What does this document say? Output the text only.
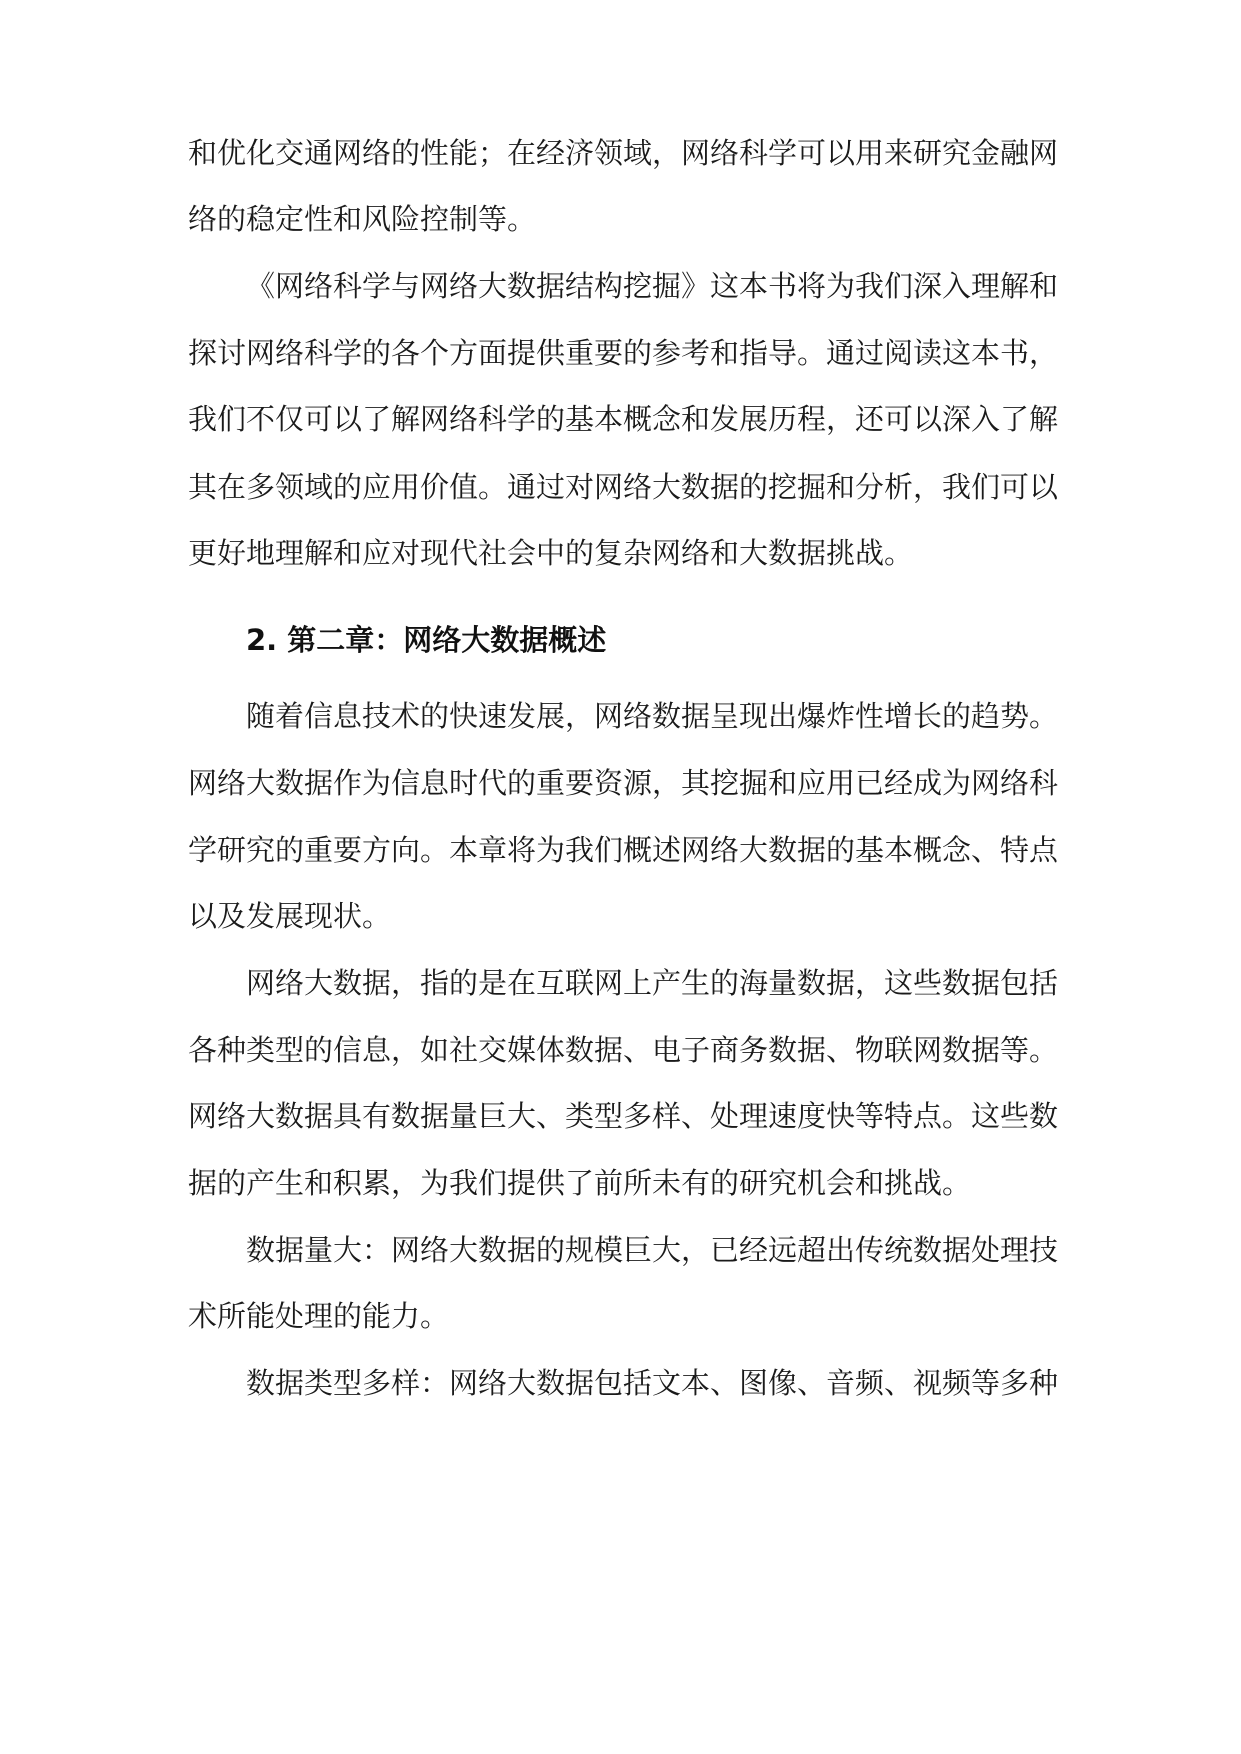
和优化交通网络的性能；在经济领域，网络科学可以用来研究金融网

络的稳定性和风险控制等。

《网络科学与网络大数据结构挖掘》这本书将为我们深入理解和

探讨网络科学的各个方面提供重要的参考和指导。通过阅读这本书，

我们不仅可以了解网络科学的基本概念和发展历程，还可以深入了解

其在多领域的应用价值。通过对网络大数据的挖掘和分析，我们可以

更好地理解和应对现代社会中的复杂网络和大数据挑战。

2. 第二章：网络大数据概述

随着信息技术的快速发展，网络数据呈现出爆炸性增长的趋势。

网络大数据作为信息时代的重要资源，其挖掘和应用已经成为网络科

学研究的重要方向。本章将为我们概述网络大数据的基本概念、特点

以及发展现状。

网络大数据，指的是在互联网上产生的海量数据，这些数据包括

各种类型的信息，如社交媒体数据、电子商务数据、物联网数据等。

网络大数据具有数据量巨大、类型多样、处理速度快等特点。这些数

据的产生和积累，为我们提供了前所未有的研究机会和挑战。

数据量大：网络大数据的规模巨大，已经远超出传统数据处理技

术所能处理的能力。

数据类型多样：网络大数据包括文本、图像、音频、视频等多种
